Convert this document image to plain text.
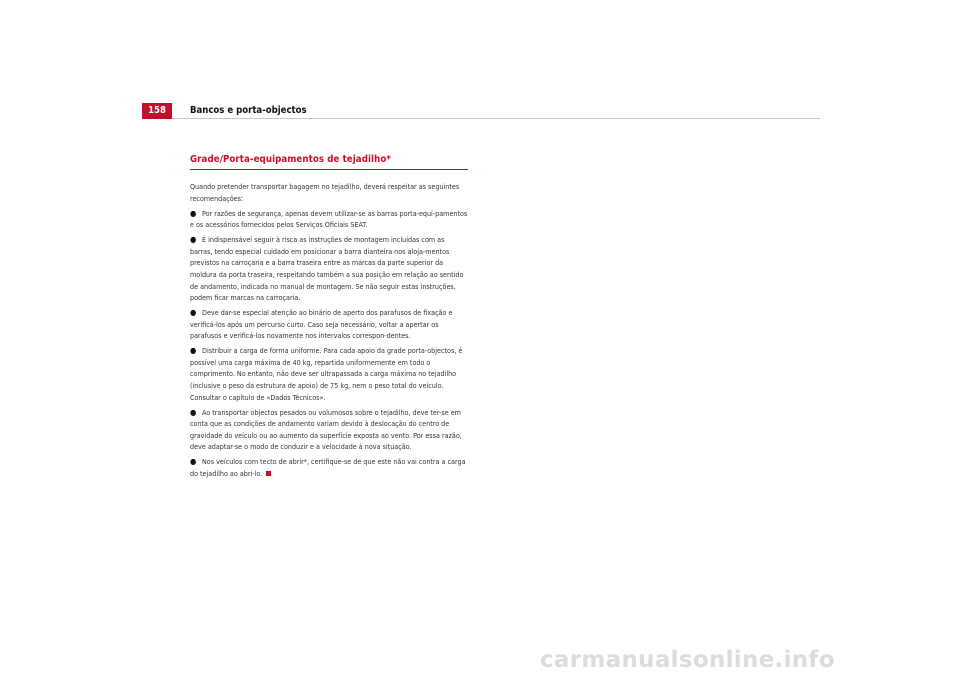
158	Bancos e porta-objectos
Grade/Porta-equipamentos de tejadilho*

Quando pretender transportar bagagem no tejadilho, deverá respeitar as seguintes recomendações:

● Por razões de segurança, apenas devem utilizar-se as barras porta-equi-pamentos e os acessórios fornecidos pelos Serviços Oficiais SEAT.

● É indispensável seguir à risca as instruções de montagem incluídas com as barras, tendo especial cuidado em posicionar a barra dianteira nos aloja-mentos previstos na carroçaria e a barra traseira entre as marcas da parte superior da moldura da porta traseira, respeitando também a sua posição em relação ao sentido de andamento, indicada no manual de montagem. Se não seguir estas instruções, podem ficar marcas na carroçaria.

● Deve dar-se especial atenção ao binário de aperto dos parafusos de fixação e verificá-los após um percurso curto. Caso seja necessário, voltar a apertar os parafusos e verificá-los novamente nos intervalos correspon-dentes.

● Distribuir a carga de forma uniforme. Para cada apoio da grade porta-objectos, é possível uma carga máxima de 40 kg, repartida uniformemente em todo o comprimento. No entanto, não deve ser ultrapassada a carga máxima no tejadilho (inclusive o peso da estrutura de apoio) de 75 kg, nem o peso total do veículo. Consultar o capítulo de «Dados Técnicos».

● Ao transportar objectos pesados ou volumosos sobre o tejadilho, deve ter-se em conta que as condições de andamento variam devido à deslocação do centro de gravidade do veículo ou ao aumento da superfície exposta ao vento. Por essa razão, deve adaptar-se o modo de conduzir e a velocidade à nova situação.

● Nos veículos com tecto de abrir*, certifique-se de que este não vai contra a carga do tejadilho ao abri-lo.

carmanualsonline.info
